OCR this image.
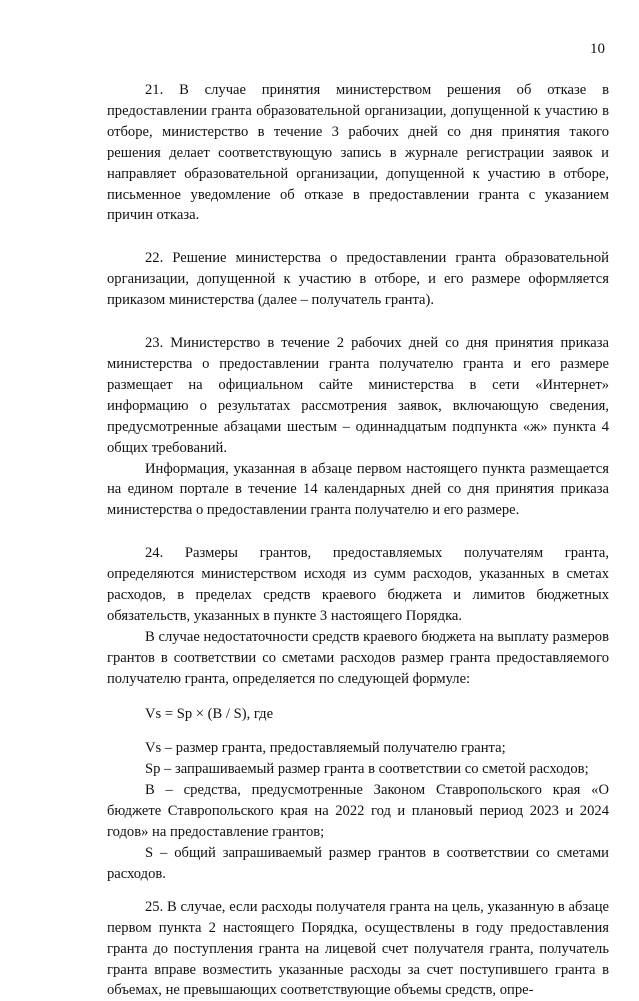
10

21. В случае принятия министерством решения об отказе в предоставлении гранта образовательной организации, допущенной к участию в отборе, министерство в течение 3 рабочих дней со дня принятия такого решения делает соответствующую запись в журнале регистрации заявок и направляет образовательной организации, допущенной к участию в отборе, письменное уведомление об отказе в предоставлении гранта с указанием причин отказа.

22. Решение министерства о предоставлении гранта образовательной организации, допущенной к участию в отборе, и его размере оформляется приказом министерства (далее – получатель гранта).

23. Министерство в течение 2 рабочих дней со дня принятия приказа министерства о предоставлении гранта получателю гранта и его размере размещает на официальном сайте министерства в сети «Интернет» информацию о результатах рассмотрения заявок, включающую сведения, предусмотренные абзацами шестым – одиннадцатым подпункта «ж» пункта 4 общих требований.

Информация, указанная в абзаце первом настоящего пункта размещается на едином портале в течение 14 календарных дней со дня принятия приказа министерства о предоставлении гранта получателю и его размере.

24. Размеры грантов, предоставляемых получателям гранта, определяются министерством исходя из сумм расходов, указанных в сметах расходов, в пределах средств краевого бюджета и лимитов бюджетных обязательств, указанных в пункте 3 настоящего Порядка.

В случае недостаточности средств краевого бюджета на выплату размеров грантов в соответствии со сметами расходов размер гранта предоставляемого получателю гранта, определяется по следующей формуле:

Vs = Sp × (B / S), где

Vs – размер гранта, предоставляемый получателю гранта;

Sp – запрашиваемый размер гранта в соответствии со сметой расходов;

B – средства, предусмотренные Законом Ставропольского края «О бюджете Ставропольского края на 2022 год и плановый период 2023 и 2024 годов» на предоставление грантов;

S – общий запрашиваемый размер грантов в соответствии со сметами расходов.

25. В случае, если расходы получателя гранта на цель, указанную в абзаце первом пункта 2 настоящего Порядка, осуществлены в году предоставления гранта до поступления гранта на лицевой счет получателя гранта, получатель гранта вправе возместить указанные расходы за счет поступившего гранта в объемах, не превышающих соответствующие объемы средств, опре-
